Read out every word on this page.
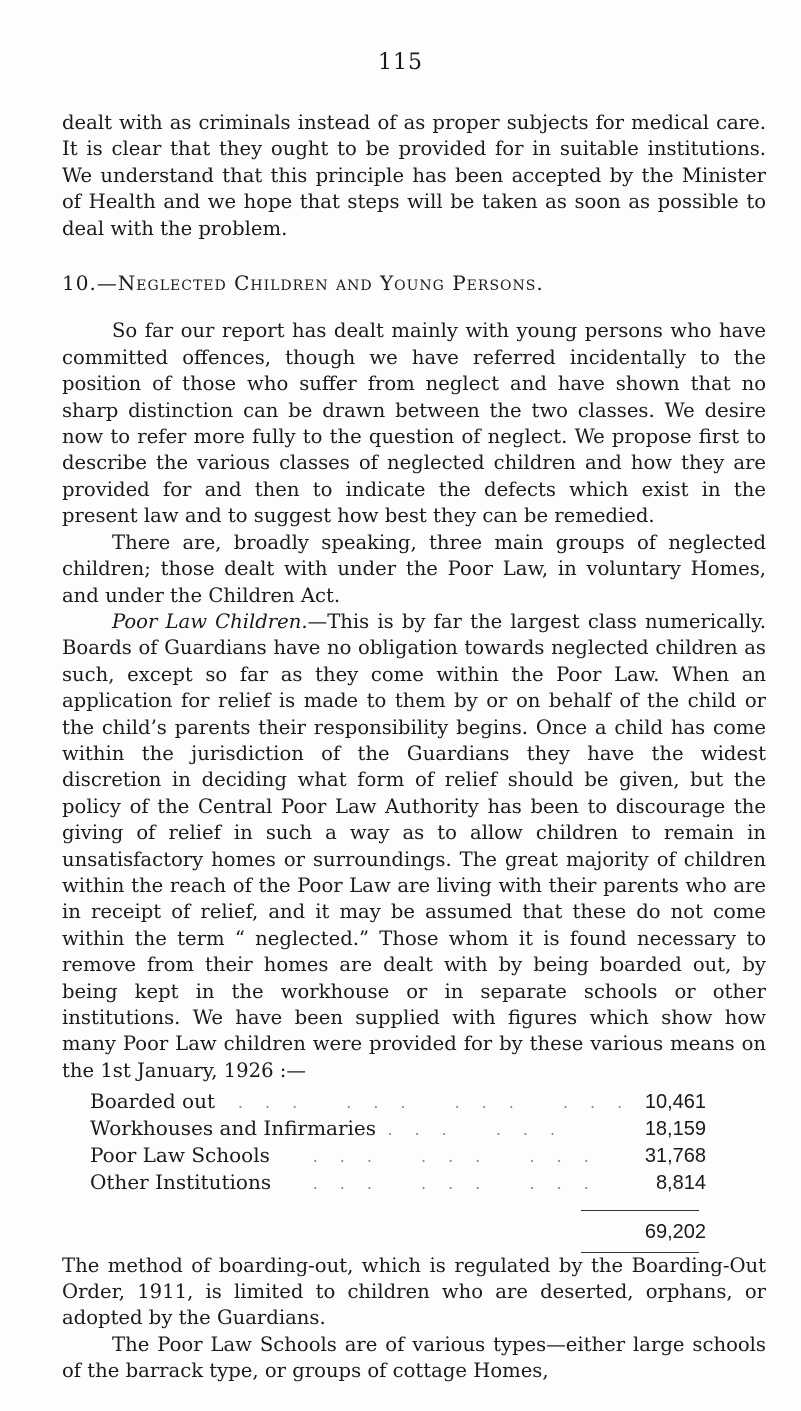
115

dealt with as criminals instead of as proper subjects for medical care. It is clear that they ought to be provided for in suitable institutions. We understand that this principle has been accepted by the Minister of Health and we hope that steps will be taken as soon as possible to deal with the problem.

10.—Neglected Children and Young Persons.

So far our report has dealt mainly with young persons who have committed offences, though we have referred incidentally to the position of those who suffer from neglect and have shown that no sharp distinction can be drawn between the two classes. We desire now to refer more fully to the question of neglect. We propose first to describe the various classes of neglected children and how they are provided for and then to indicate the defects which exist in the present law and to suggest how best they can be remedied.

There are, broadly speaking, three main groups of neglected children; those dealt with under the Poor Law, in voluntary Homes, and under the Children Act.

Poor Law Children.—This is by far the largest class numerically. Boards of Guardians have no obligation towards neglected children as such, except so far as they come within the Poor Law. When an application for relief is made to them by or on behalf of the child or the child’s parents their responsibility begins. Once a child has come within the jurisdiction of the Guardians they have the widest discretion in deciding what form of relief should be given, but the policy of the Central Poor Law Authority has been to discourage the giving of relief in such a way as to allow children to remain in unsatisfactory homes or surroundings. The great majority of children within the reach of the Poor Law are living with their parents who are in receipt of relief, and it may be assumed that these do not come within the term “ neglected.” Those whom it is found necessary to remove from their homes are dealt with by being boarded out, by being kept in the workhouse or in separate schools or other institutions. We have been supplied with figures which show how many Poor Law children were provided for by these various means on the 1st January, 1926 :—

Boarded out	... ... ... ... 10,461
Workhouses and Infirmaries ... ...	18,159
Poor Law Schools	... ... ...	31,768
Other Institutions	... ... ...	8,814
69,202

The method of boarding-out, which is regulated by the Boarding-Out Order, 1911, is limited to children who are deserted, orphans, or adopted by the Guardians.

The Poor Law Schools are of various types—either large schools of the barrack type, or groups of cottage Homes,
